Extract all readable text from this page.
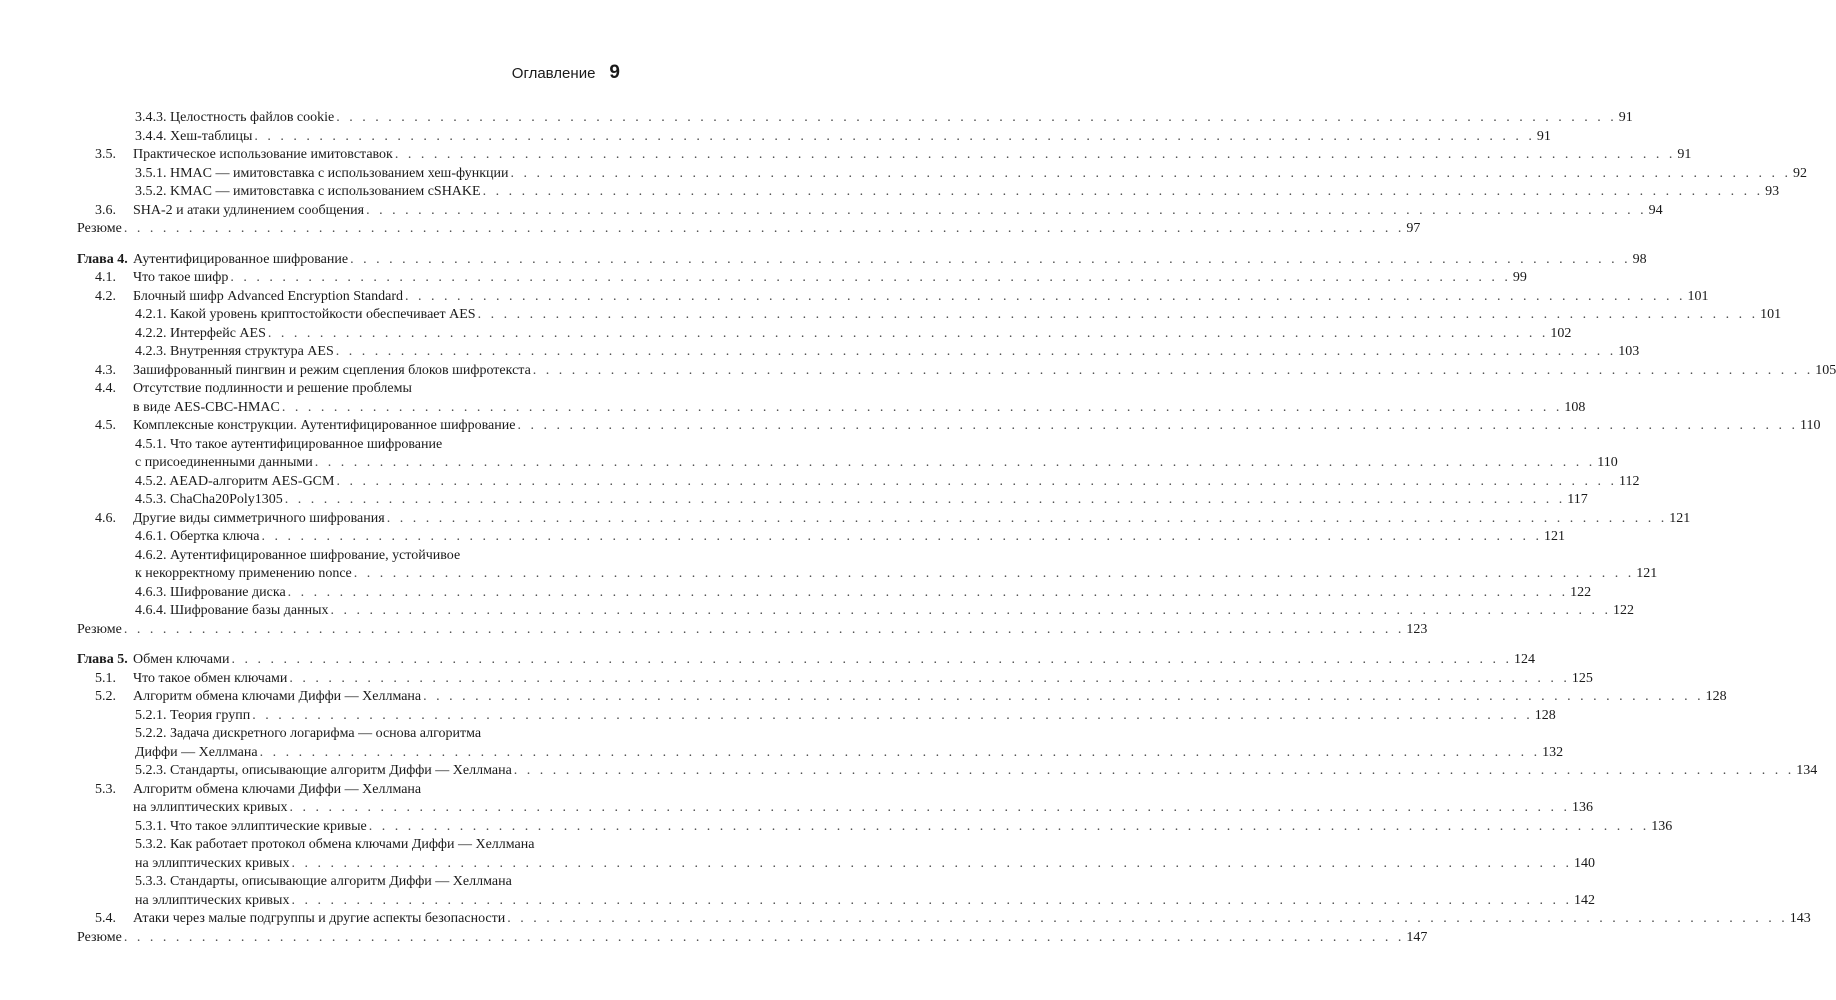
Оглавление 9
3.4.3. Целостность файлов cookie . . . . . . . . . . . . . . . . . . . . . . . . . . . . . . . . . . . . . . . . . . . . . . . . . . . . . . . . . . . . . . . . . . . . . . . . . . . . . . . . . . . . . . . . . . . . . . . . . . . 91
3.4.4. Хеш-таблицы . . . . . . . . . . . . . . . . . . . . . . . . . . . . . . . . . . . . . . . . . . . . . . . . . . . . . . . . . . . . . . . . . . . . . . . . . . . . . . . . . . . . . . . . . . . . . . . . . . . 91
3.5. Практическое использование имитовставок . . . . . . . . . . . . . . . . . . . . . . . . . . . . . . . . . . . . . . . . . . . . . . . . . . . . . . . . . . . . . . . . . . . . . . . . . . . . . . . . . . . . . . . . . . . . . . . . . . . 91
3.5.1. HMAC — имитовставка с использованием хеш-функции . . . . . . . . . . . . . . . . . . . . . . . . . . . . . . . . . . . . . . . . . . . . . . . . . . . . . . . . . . . . . . . . . . . . . . . . . . . . . . . . . . . . . . . . . . . . . . . . . . . 92
3.5.2. KMAC — имитовставка с использованием cSHAKE . . . . . . . . . . . . . . . . . . . . . . . . . . . . . . . . . . . . . . . . . . . . . . . . . . . . . . . . . . . . . . . . . . . . . . . . . . . . . . . . . . . . . . . . . . . . . . . . . . . 93
3.6. SHA-2 и атаки удлинением сообщения . . . . . . . . . . . . . . . . . . . . . . . . . . . . . . . . . . . . . . . . . . . . . . . . . . . . . . . . . . . . . . . . . . . . . . . . . . . . . . . . . . . . . . . . . . . . . . . . . . . 94
Резюме . . . . . . . . . . . . . . . . . . . . . . . . . . . . . . . . . . . . . . . . . . . . . . . . . . . . . . . . . . . . . . . . . . . . . . . . . . . . . . . . . . . . . . . . . . . . . . . . . . . 97
Глава 4. Аутентифицированное шифрование . . . . . . . . . . . . . . . . . . . . . . . . . . . . . . . . . . . . . . . . . . . . . . . . . . . . . . . . . . . . . . . . . . . . . . . . . . . . . . . . . . . . . . . . . . . . . . . . . . . 98
4.1. Что такое шифр . . . . . . . . . . . . . . . . . . . . . . . . . . . . . . . . . . . . . . . . . . . . . . . . . . . . . . . . . . . . . . . . . . . . . . . . . . . . . . . . . . . . . . . . . . . . . . . . . . . 99
4.2. Блочный шифр Advanced Encryption Standard . . . . . . . . . . . . . . . . . . . . . . . . . . . . . . . . . . . . . . . . . . . . . . . . . . . . . . . . . . . . . . . . . . . . . . . . . . . . . . . . . . . . . . . . . . . . . . . . . . . 101
4.2.1. Какой уровень криптостойкости обеспечивает AES . . . . . . . . . . . . . . . . . . . . . . . . . . . . . . . . . . . . . . . . . . . . . . . . . . . . . . . . . . . . . . . . . . . . . . . . . . . . . . . . . . . . . . . . . . . . . . . . . . . 101
4.2.2. Интерфейс AES . . . . . . . . . . . . . . . . . . . . . . . . . . . . . . . . . . . . . . . . . . . . . . . . . . . . . . . . . . . . . . . . . . . . . . . . . . . . . . . . . . . . . . . . . . . . . . . . . . . 102
4.2.3. Внутренняя структура AES . . . . . . . . . . . . . . . . . . . . . . . . . . . . . . . . . . . . . . . . . . . . . . . . . . . . . . . . . . . . . . . . . . . . . . . . . . . . . . . . . . . . . . . . . . . . . . . . . . . 103
4.3. Зашифрованный пингвин и режим сцепления блоков шифротекста . . . . . . . . . . . . . . . . . . . . . . . . . . . . . . . . . . . . . . . . . . . . . . . . . . . . . . . . . . . . . . . . . . . . . . . . . . . . . . . . . . . . . . . . . . . . . . . . . . . 105
4.4. Отсутствие подлинности и решение проблемы
в виде AES-CBC-HMAC . . . . . . . . . . . . . . . . . . . . . . . . . . . . . . . . . . . . . . . . . . . . . . . . . . . . . . . . . . . . . . . . . . . . . . . . . . . . . . . . . . . . . . . . . . . . . . . . . . . 108
4.5. Комплексные конструкции. Аутентифицированное шифрование . . . . . . . . . . . . . . . . . . . . . . . . . . . . . . . . . . . . . . . . . . . . . . . . . . . . . . . . . . . . . . . . . . . . . . . . . . . . . . . . . . . . . . . . . . . . . . . . . . . 110
4.5.1. Что такое аутентифицированное шифрование
с присоединенными данными . . . . . . . . . . . . . . . . . . . . . . . . . . . . . . . . . . . . . . . . . . . . . . . . . . . . . . . . . . . . . . . . . . . . . . . . . . . . . . . . . . . . . . . . . . . . . . . . . . . 110
4.5.2. AEAD-алгоритм AES-GCM . . . . . . . . . . . . . . . . . . . . . . . . . . . . . . . . . . . . . . . . . . . . . . . . . . . . . . . . . . . . . . . . . . . . . . . . . . . . . . . . . . . . . . . . . . . . . . . . . . . 112
4.5.3. ChaCha20Poly1305 . . . . . . . . . . . . . . . . . . . . . . . . . . . . . . . . . . . . . . . . . . . . . . . . . . . . . . . . . . . . . . . . . . . . . . . . . . . . . . . . . . . . . . . . . . . . . . . . . . . 117
4.6. Другие виды симметричного шифрования . . . . . . . . . . . . . . . . . . . . . . . . . . . . . . . . . . . . . . . . . . . . . . . . . . . . . . . . . . . . . . . . . . . . . . . . . . . . . . . . . . . . . . . . . . . . . . . . . . . 121
4.6.1. Обертка ключа . . . . . . . . . . . . . . . . . . . . . . . . . . . . . . . . . . . . . . . . . . . . . . . . . . . . . . . . . . . . . . . . . . . . . . . . . . . . . . . . . . . . . . . . . . . . . . . . . . . 121
4.6.2. Аутентифицированное шифрование, устойчивое
к некорректному применению nonce . . . . . . . . . . . . . . . . . . . . . . . . . . . . . . . . . . . . . . . . . . . . . . . . . . . . . . . . . . . . . . . . . . . . . . . . . . . . . . . . . . . . . . . . . . . . . . . . . . . 121
4.6.3. Шифрование диска . . . . . . . . . . . . . . . . . . . . . . . . . . . . . . . . . . . . . . . . . . . . . . . . . . . . . . . . . . . . . . . . . . . . . . . . . . . . . . . . . . . . . . . . . . . . . . . . . . . 122
4.6.4. Шифрование базы данных . . . . . . . . . . . . . . . . . . . . . . . . . . . . . . . . . . . . . . . . . . . . . . . . . . . . . . . . . . . . . . . . . . . . . . . . . . . . . . . . . . . . . . . . . . . . . . . . . . . 122
Резюме . . . . . . . . . . . . . . . . . . . . . . . . . . . . . . . . . . . . . . . . . . . . . . . . . . . . . . . . . . . . . . . . . . . . . . . . . . . . . . . . . . . . . . . . . . . . . . . . . . . 123
Глава 5. Обмен ключами . . . . . . . . . . . . . . . . . . . . . . . . . . . . . . . . . . . . . . . . . . . . . . . . . . . . . . . . . . . . . . . . . . . . . . . . . . . . . . . . . . . . . . . . . . . . . . . . . . . 124
5.1. Что такое обмен ключами . . . . . . . . . . . . . . . . . . . . . . . . . . . . . . . . . . . . . . . . . . . . . . . . . . . . . . . . . . . . . . . . . . . . . . . . . . . . . . . . . . . . . . . . . . . . . . . . . . . 125
5.2. Алгоритм обмена ключами Диффи — Хеллмана . . . . . . . . . . . . . . . . . . . . . . . . . . . . . . . . . . . . . . . . . . . . . . . . . . . . . . . . . . . . . . . . . . . . . . . . . . . . . . . . . . . . . . . . . . . . . . . . . . . 128
5.2.1. Теория групп . . . . . . . . . . . . . . . . . . . . . . . . . . . . . . . . . . . . . . . . . . . . . . . . . . . . . . . . . . . . . . . . . . . . . . . . . . . . . . . . . . . . . . . . . . . . . . . . . . . 128
5.2.2. Задача дискретного логарифма — основа алгоритма
Диффи — Хеллмана . . . . . . . . . . . . . . . . . . . . . . . . . . . . . . . . . . . . . . . . . . . . . . . . . . . . . . . . . . . . . . . . . . . . . . . . . . . . . . . . . . . . . . . . . . . . . . . . . . . 132
5.2.3. Стандарты, описывающие алгоритм Диффи — Хеллмана . . . . . . . . . . . . . . . . . . . . . . . . . . . . . . . . . . . . . . . . . . . . . . . . . . . . . . . . . . . . . . . . . . . . . . . . . . . . . . . . . . . . . . . . . . . . . . . . . . . 134
5.3. Алгоритм обмена ключами Диффи — Хеллмана
на эллиптических кривых . . . . . . . . . . . . . . . . . . . . . . . . . . . . . . . . . . . . . . . . . . . . . . . . . . . . . . . . . . . . . . . . . . . . . . . . . . . . . . . . . . . . . . . . . . . . . . . . . . . 136
5.3.1. Что такое эллиптические кривые . . . . . . . . . . . . . . . . . . . . . . . . . . . . . . . . . . . . . . . . . . . . . . . . . . . . . . . . . . . . . . . . . . . . . . . . . . . . . . . . . . . . . . . . . . . . . . . . . . . 136
5.3.2. Как работает протокол обмена ключами Диффи — Хеллмана
на эллиптических кривых . . . . . . . . . . . . . . . . . . . . . . . . . . . . . . . . . . . . . . . . . . . . . . . . . . . . . . . . . . . . . . . . . . . . . . . . . . . . . . . . . . . . . . . . . . . . . . . . . . . 140
5.3.3. Стандарты, описывающие алгоритм Диффи — Хеллмана
на эллиптических кривых . . . . . . . . . . . . . . . . . . . . . . . . . . . . . . . . . . . . . . . . . . . . . . . . . . . . . . . . . . . . . . . . . . . . . . . . . . . . . . . . . . . . . . . . . . . . . . . . . . . 142
5.4. Атаки через малые подгруппы и другие аспекты безопасности . . . . . . . . . . . . . . . . . . . . . . . . . . . . . . . . . . . . . . . . . . . . . . . . . . . . . . . . . . . . . . . . . . . . . . . . . . . . . . . . . . . . . . . . . . . . . . . . . . . 143
Резюме . . . . . . . . . . . . . . . . . . . . . . . . . . . . . . . . . . . . . . . . . . . . . . . . . . . . . . . . . . . . . . . . . . . . . . . . . . . . . . . . . . . . . . . . . . . . . . . . . . . 147
